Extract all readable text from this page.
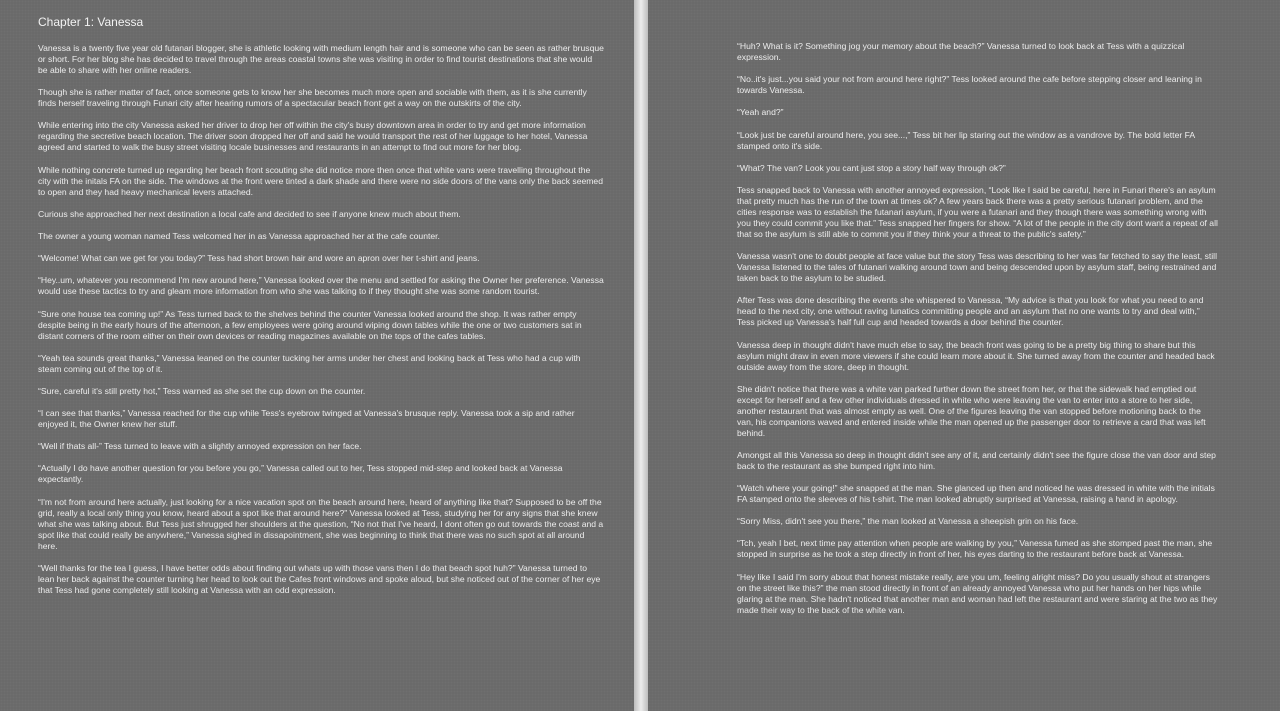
Chapter 1: Vanessa

Vanessa is a twenty five year old futanari blogger, she is athletic looking with medium length hair and is someone who can be seen as rather brusque or short. For her blog she has decided to travel through the areas coastal towns she was visiting in order to find tourist destinations that she would be able to share with her online readers.

Though she is rather matter of fact, once someone gets to know her she becomes much more open and sociable with them, as it is she currently finds herself traveling through Funari city after hearing rumors of a spectacular beach front get a way on the outskirts of the city.

While entering into the city Vanessa asked her driver to drop her off within the city's busy downtown area in order to try and get more information regarding the secretive beach location. The driver soon dropped her off and said he would transport the rest of her luggage to her hotel, Vanessa agreed and started to walk the busy street visiting locale businesses and restaurants in an attempt to find out more for her blog.

While nothing concrete turned up regarding her beach front scouting she did notice more then once that white vans were travelling throughout the city with the initals FA on the side. The windows at the front were tinted a dark shade and there were no side doors of the vans only the back seemed to open and they had heavy mechanical levers attached.

Curious she approached her next destination a local cafe and decided to see if anyone knew much about them.

The owner a young woman named Tess welcomed her in as Vanessa approached her at the cafe counter.

“Welcome! What can we get for you today?” Tess had short brown hair and wore an apron over her t-shirt and jeans.

“Hey..um, whatever you recommend I'm new around here,” Vanessa looked over the menu and settled for asking the Owner her preference. Vanessa would use these tactics to try and gleam more information from who she was talking to if they thought she was some random tourist.

“Sure one house tea coming up!” As Tess turned back to the shelves behind the counter Vanessa looked around the shop. It was rather empty despite being in the early hours of the afternoon, a few employees were going around wiping down tables while the one or two customers sat in distant corners of the room either on their own devices or reading magazines available on the tops of the cafes tables.

“Yeah tea sounds great thanks,” Vanessa leaned on the counter tucking her arms under her chest and looking back at Tess who had a cup with steam coming out of the top of it.

“Sure, careful it's still pretty hot,” Tess warned as she set the cup down on the counter.

“I can see that thanks,” Vanessa reached for the cup while Tess's eyebrow twinged at Vanessa's brusque reply. Vanessa took a sip and rather enjoyed it, the Owner knew her stuff.

“Well if thats all-” Tess turned to leave with a slightly annoyed expression on her face.

“Actually I do have another question for you before you go,” Vanessa called out to her, Tess stopped mid-step and looked back at Vanessa expectantly.

“I'm not from around here actually, just looking for a nice vacation spot on the beach around here, heard of anything like that? Supposed to be off the grid, really a local only thing you know, heard about a spot like that around here?” Vanessa looked at Tess, studying her for any signs that she knew what she was talking about. But Tess just shrugged her shoulders at the question, “No not that I've heard, I dont often go out towards the coast and a spot like that could really be anywhere,” Vanessa sighed in dissapointment, she was beginning to think that there was no such spot at all around here.

“Well thanks for the tea I guess, I have better odds about finding out whats up with those vans then I do that beach spot huh?” Vanessa turned to lean her back against the counter turning her head to look out the Cafes front windows and spoke aloud, but she noticed out of the corner of her eye that Tess had gone completely still looking at Vanessa with an odd expression.

“Huh? What is it? Something jog your memory about the beach?” Vanessa turned to look back at Tess with a quizzical expression.

“No..it's just...you said your not from around here right?” Tess looked around the cafe before stepping closer and leaning in towards Vanessa.

“Yeah and?”

“Look just be careful around here, you see...,” Tess bit her lip staring out the window as a vandrove by. The bold letter FA stamped onto it's side.

“What? The van? Look you cant just stop a story half way through ok?”

Tess snapped back to Vanessa with another annoyed expression, “Look like I said be careful, here in Funari there's an asylum that pretty much has the run of the town at times ok? A few years back there was a pretty serious futanari problem, and the cities response was to establish the futanari asylum, if you were a futanari and they though there was something wrong with you they could commit you like that.” Tess snapped her fingers for show. “A lot of the people in the city dont want a repeat of all that so the asylum is still able to commit you if they think your a threat to the public's safety.”

Vanessa wasn't one to doubt people at face value but the story Tess was describing to her was far fetched to say the least, still Vanessa listened to the tales of futanari walking around town and being descended upon by asylum staff, being restrained and taken back to the asylum to be studied.

After Tess was done describing the events she whispered to Vanessa, “My advice is that you look for what you need to and head to the next city, one without raving lunatics committing people and an asylum that no one wants to try and deal with,” Tess picked up Vanessa's half full cup and headed towards a door behind the counter.

Vanessa deep in thought didn't have much else to say, the beach front was going to be a pretty big thing to share but this asylum might draw in even more viewers if she could learn more about it. She turned away from the counter and headed back outside away from the store, deep in thought.

She didn't notice that there was a white van parked further down the street from her, or that the sidewalk had emptied out except for herself and a few other individuals dressed in white who were leaving the van to enter into a store to her side, another restaurant that was almost empty as well. One of the figures leaving the van stopped before motioning back to the van, his companions waved and entered inside while the man opened up the passenger door to retrieve a card that was left behind.

Amongst all this Vanessa so deep in thought didn't see any of it, and certainly didn't see the figure close the van door and step back to the restaurant as she bumped right into him.

“Watch where your going!” she snapped at the man. She glanced up then and noticed he was dressed in white with the initials FA stamped onto the sleeves of his t-shirt. The man looked abruptly surprised at Vanessa, raising a hand in apology.

“Sorry Miss, didn't see you there,” the man looked at Vanessa a sheepish grin on his face.

“Tch, yeah I bet, next time pay attention when people are walking by you,” Vanessa fumed as she stomped past the man, she stopped in surprise as he took a step directly in front of her, his eyes darting to the restaurant before back at Vanessa.

“Hey like I said I'm sorry about that honest mistake really, are you um, feeling alright miss? Do you usually shout at strangers on the street like this?” the man stood directly in front of an already annoyed Vanessa who put her hands on her hips while glaring at the man. She hadn't noticed that another man and woman had left the restaurant and were staring at the two as they made their way to the back of the white van.
